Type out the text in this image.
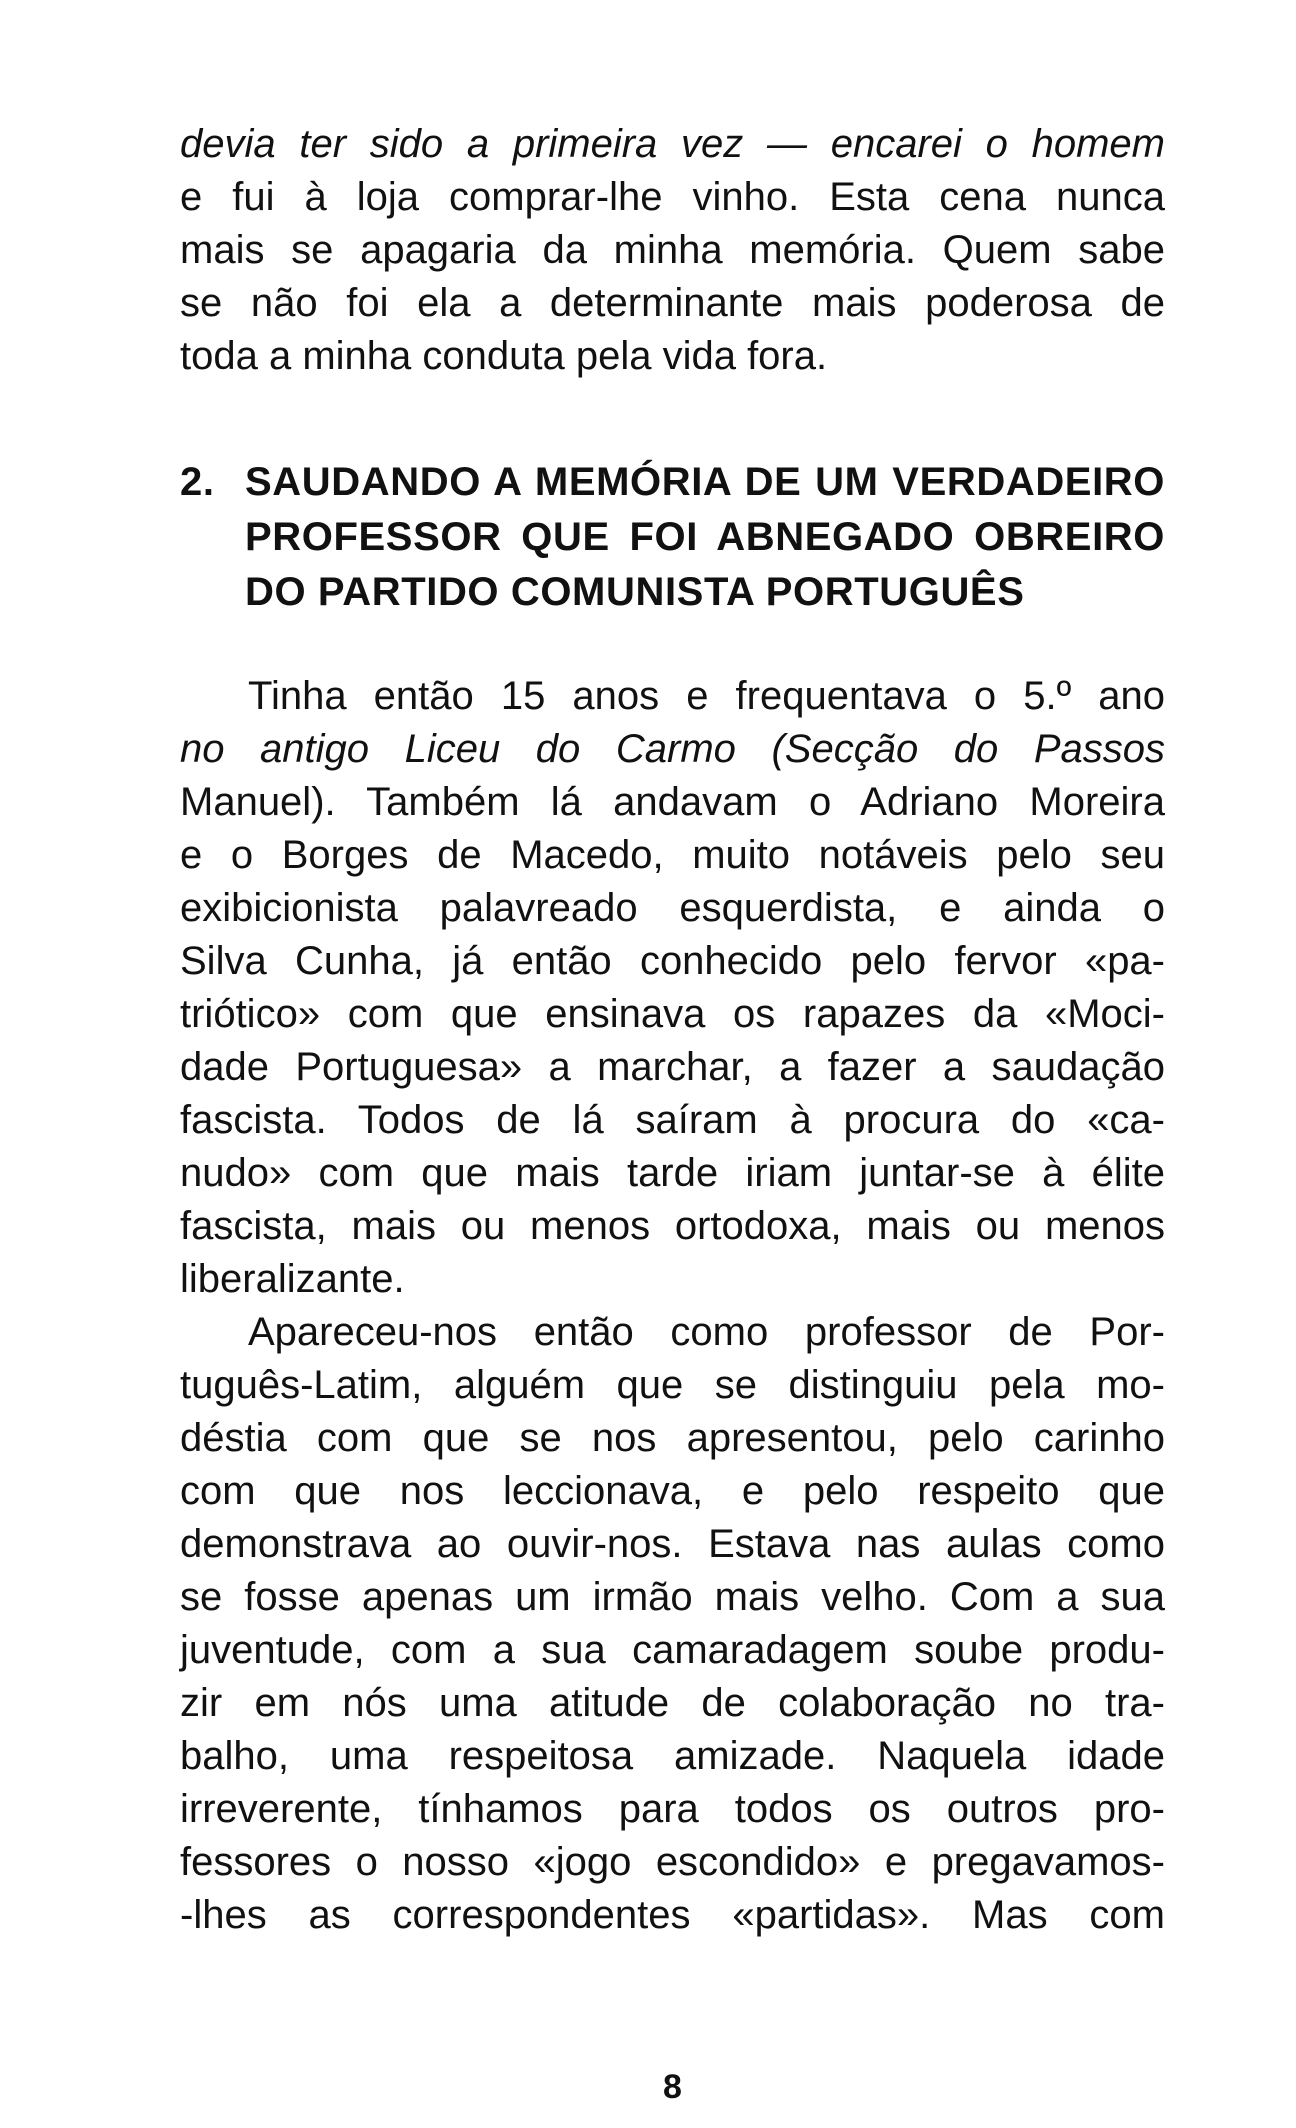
devia ter sido a primeira vez — encarei o homem
e fui à loja comprar-lhe vinho. Esta cena nunca
mais se apagaria da minha memória. Quem sabe
se não foi ela a determinante mais poderosa de
toda a minha conduta pela vida fora.
2. SAUDANDO A MEMÓRIA DE UM VERDADEIRO
PROFESSOR QUE FOI ABNEGADO OBREIRO
DO PARTIDO COMUNISTA PORTUGUÊS
Tinha então 15 anos e frequentava o 5.º ano
no antigo Liceu do Carmo (Secção do Passos
Manuel). Também lá andavam o Adriano Moreira
e o Borges de Macedo, muito notáveis pelo seu
exibicionista palavreado esquerdista, e ainda o
Silva Cunha, já então conhecido pelo fervor «pa-
triótico» com que ensinava os rapazes da «Moci-
dade Portuguesa» a marchar, a fazer a saudação
fascista. Todos de lá saíram à procura do «ca-
nudo» com que mais tarde iriam juntar-se à élite
fascista, mais ou menos ortodoxa, mais ou menos
liberalizante.
Apareceu-nos então como professor de Por-
tuguês-Latim, alguém que se distinguiu pela mo-
déstia com que se nos apresentou, pelo carinho
com que nos leccionava, e pelo respeito que
demonstrava ao ouvir-nos. Estava nas aulas como
se fosse apenas um irmão mais velho. Com a sua
juventude, com a sua camaradagem soube produ-
zir em nós uma atitude de colaboração no tra-
balho, uma respeitosa amizade. Naquela idade
irreverente, tínhamos para todos os outros pro-
fessores o nosso «jogo escondido» e pregavamos-
-lhes as correspondentes «partidas». Mas com
8
